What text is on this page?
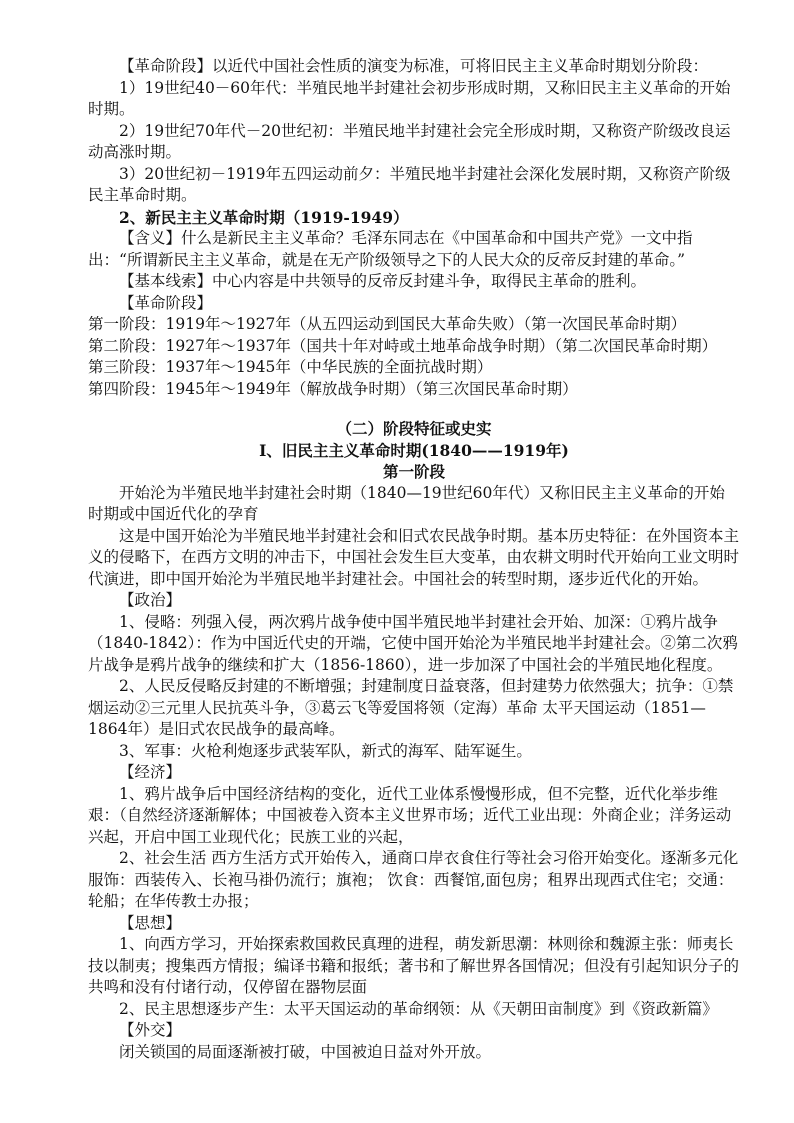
【革命阶段】以近代中国社会性质的演变为标准，可将旧民主主义革命时期划分阶段：

1）19世纪40－60年代：半殖民地半封建社会初步形成时期，又称旧民主主义革命的开始时期。

2）19世纪70年代－20世纪初：半殖民地半封建社会完全形成时期，又称资产阶级改良运动高涨时期。

3）20世纪初－1919年五四运动前夕：半殖民地半封建社会深化发展时期，又称资产阶级民主革命时期。

2、新民主主义革命时期（1919-1949）

【含义】什么是新民主主义革命？毛泽东同志在《中国革命和中国共产党》一文中指出：“所谓新民主主义革命，就是在无产阶级领导之下的人民大众的反帝反封建的革命。”

【基本线索】中心内容是中共领导的反帝反封建斗争，取得民主革命的胜利。

【革命阶段】

第一阶段：1919年～1927年（从五四运动到国民大革命失败）（第一次国民革命时期）

第二阶段：1927年～1937年（国共十年对峙或土地革命战争时期）（第二次国民革命时期）

第三阶段：1937年～1945年（中华民族的全面抗战时期）

第四阶段：1945年～1949年（解放战争时期）（第三次国民革命时期）

（二）阶段特征或史实

Ⅰ、旧民主主义革命时期(1840——1919年)

第一阶段

开始沦为半殖民地半封建社会时期（1840—19世纪60年代）又称旧民主主义革命的开始时期或中国近代化的孕育

这是中国开始沦为半殖民地半封建社会和旧式农民战争时期。基本历史特征：在外国资本主义的侵略下，在西方文明的冲击下，中国社会发生巨大变革，由农耕文明时代开始向工业文明时代演进，即中国开始沦为半殖民地半封建社会。中国社会的转型时期，逐步近代化的开始。

【政治】

1、侵略：列强入侵，两次鸦片战争使中国半殖民地半封建社会开始、加深：①鸦片战争（1840-1842）：作为中国近代史的开端，它使中国开始沦为半殖民地半封建社会。②第二次鸦片战争是鸦片战争的继续和扩大（1856-1860），进一步加深了中国社会的半殖民地化程度。

2、人民反侵略反封建的不断增强；封建制度日益衰落，但封建势力依然强大；抗争：①禁烟运动②三元里人民抗英斗争，③葛云飞等爱国将领（定海）革命 太平天国运动（1851—1864年）是旧式农民战争的最高峰。

3、军事：火枪利炮逐步武装军队，新式的海军、陆军诞生。

【经济】

1、鸦片战争后中国经济结构的变化，近代工业体系慢慢形成，但不完整，近代化举步维艰：（自然经济逐渐解体；中国被卷入资本主义世界市场；近代工业出现：外商企业；洋务运动兴起，开启中国工业现代化；民族工业的兴起，

2、社会生活 西方生活方式开始传入，通商口岸衣食住行等社会习俗开始变化。逐渐多元化服饰：西装传入、长袍马褂仍流行；旗袍； 饮食：西餐馆,面包房；租界出现西式住宅；交通：轮船；在华传教士办报；

【思想】

1、向西方学习，开始探索救国救民真理的进程，萌发新思潮：林则徐和魏源主张：师夷长技以制夷；搜集西方情报；编译书籍和报纸；著书和了解世界各国情况；但没有引起知识分子的共鸣和没有付诸行动，仅停留在器物层面

2、民主思想逐步产生：太平天国运动的革命纲领：从《天朝田亩制度》到《资政新篇》

【外交】

闭关锁国的局面逐渐被打破，中国被迫日益对外开放。
